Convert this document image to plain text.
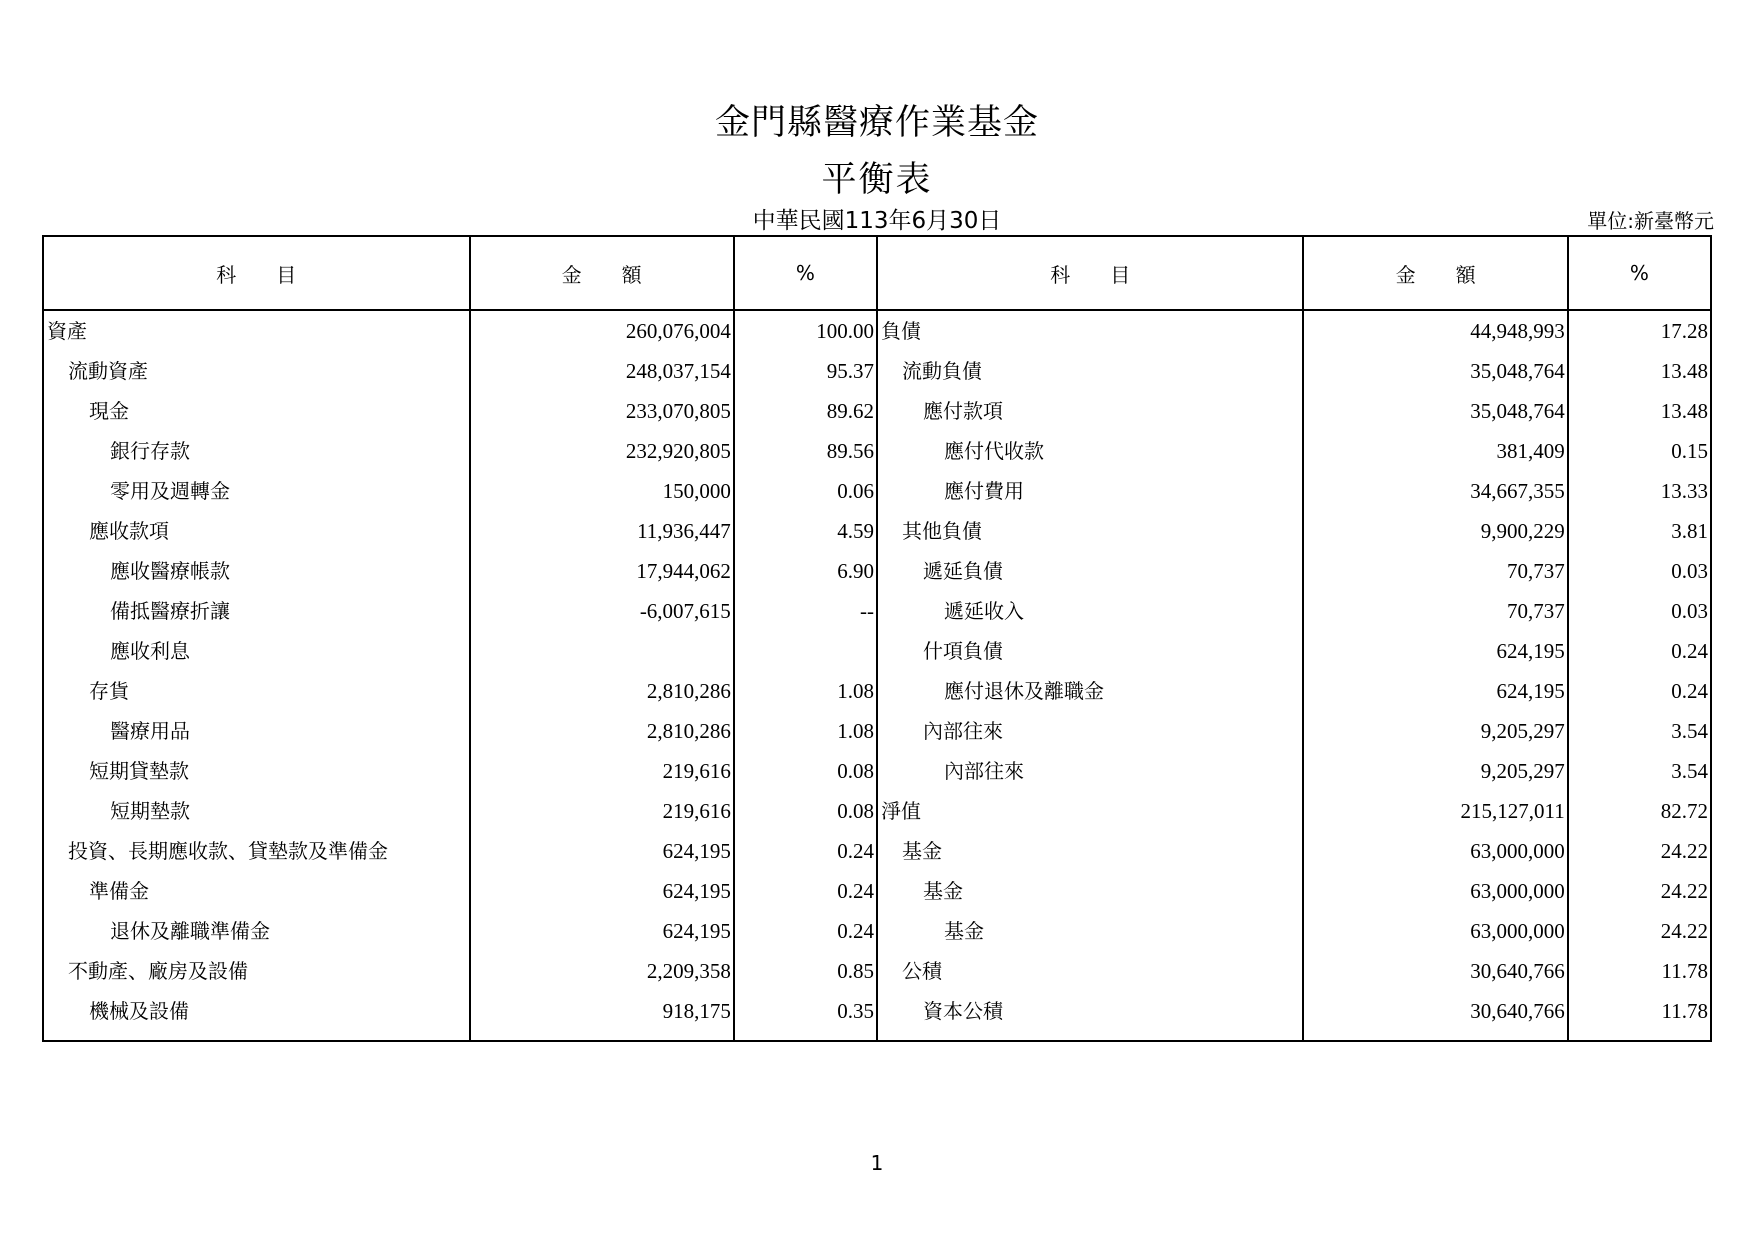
金門縣醫療作業基金
平衡表
中華民國113年6月30日	單位:新臺幣元
科　　目	金　　額	%	科　　目	金　　額	%
資產	260,076,004	100.00	負債	44,948,993	17.28
流動資產	248,037,154	95.37	流動負債	35,048,764	13.48
現金	233,070,805	89.62	應付款項	35,048,764	13.48
銀行存款	232,920,805	89.56	應付代收款	381,409	0.15
零用及週轉金	150,000	0.06	應付費用	34,667,355	13.33
應收款項	11,936,447	4.59	其他負債	9,900,229	3.81
應收醫療帳款	17,944,062	6.90	遞延負債	70,737	0.03
備抵醫療折讓	-6,007,615	--	遞延收入	70,737	0.03
應收利息			什項負債	624,195	0.24
存貨	2,810,286	1.08	應付退休及離職金	624,195	0.24
醫療用品	2,810,286	1.08	內部往來	9,205,297	3.54
短期貸墊款	219,616	0.08	內部往來	9,205,297	3.54
短期墊款	219,616	0.08	淨值	215,127,011	82.72
投資、長期應收款、貸墊款及準備金	624,195	0.24	基金	63,000,000	24.22
準備金	624,195	0.24	基金	63,000,000	24.22
退休及離職準備金	624,195	0.24	基金	63,000,000	24.22
不動產、廠房及設備	2,209,358	0.85	公積	30,640,766	11.78
機械及設備	918,175	0.35	資本公積	30,640,766	11.78

1
